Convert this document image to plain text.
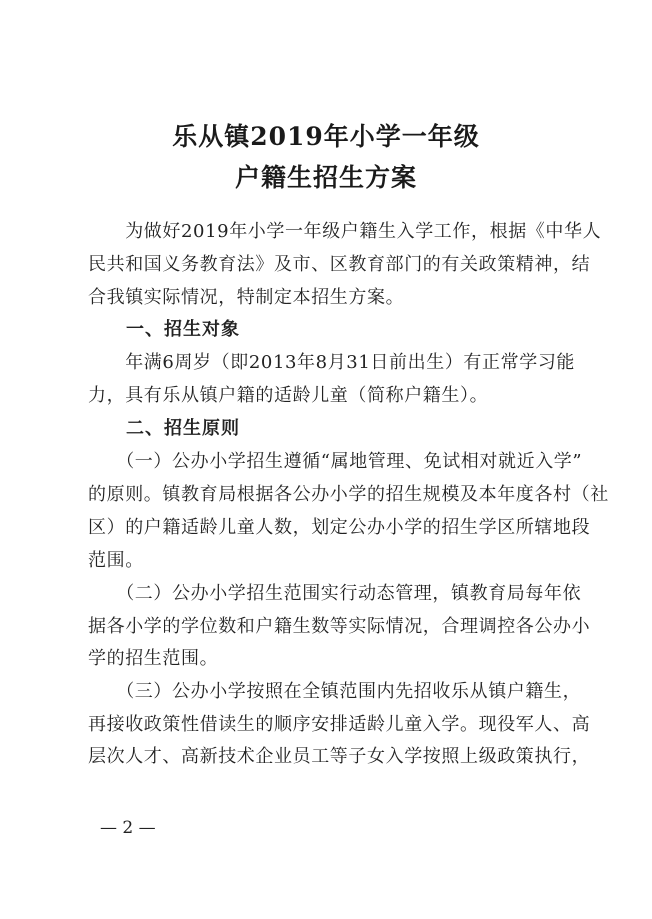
乐从镇2019年小学一年级
户籍生招生方案
　　为做好2019年小学一年级户籍生入学工作，根据《中华人
民共和国义务教育法》及市、区教育部门的有关政策精神，结
合我镇实际情况，特制定本招生方案。
　　一、招生对象
　　年满6周岁（即2013年8月31日前出生）有正常学习能
力，具有乐从镇户籍的适龄儿童（简称户籍生）。
　　二、招生原则
　　（一）公办小学招生遵循“属地管理、免试相对就近入学”
的原则。镇教育局根据各公办小学的招生规模及本年度各村（社
区）的户籍适龄儿童人数，划定公办小学的招生学区所辖地段
范围。
　　（二）公办小学招生范围实行动态管理，镇教育局每年依
据各小学的学位数和户籍生数等实际情况，合理调控各公办小
学的招生范围。
　　（三）公办小学按照在全镇范围内先招收乐从镇户籍生，
再接收政策性借读生的顺序安排适龄儿童入学。现役军人、高
层次人才、高新技术企业员工等子女入学按照上级政策执行，
— 2 —
